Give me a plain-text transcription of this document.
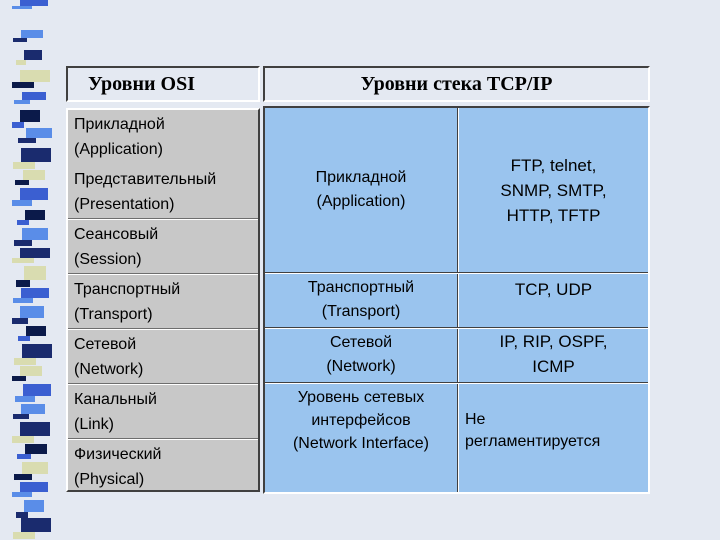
Уровни OSI	Уровни стека TCP/IP
Прикладной
(Application)
Представительный
(Presentation)
Сеансовый
(Session)
Транспортный
(Transport)
Сетевой
(Network)
Канальный
(Link)
Физический
(Physical)
Прикладной
(Application)
FTP, telnet,
SNMP, SMTP,
HTTP, TFTP
Транспортный
(Transport)
TCP, UDP
Сетевой
(Network)
IP, RIP, OSPF,
ICMP
Уровень сетевых
интерфейсов
(Network Interface)
Не
регламентируется
